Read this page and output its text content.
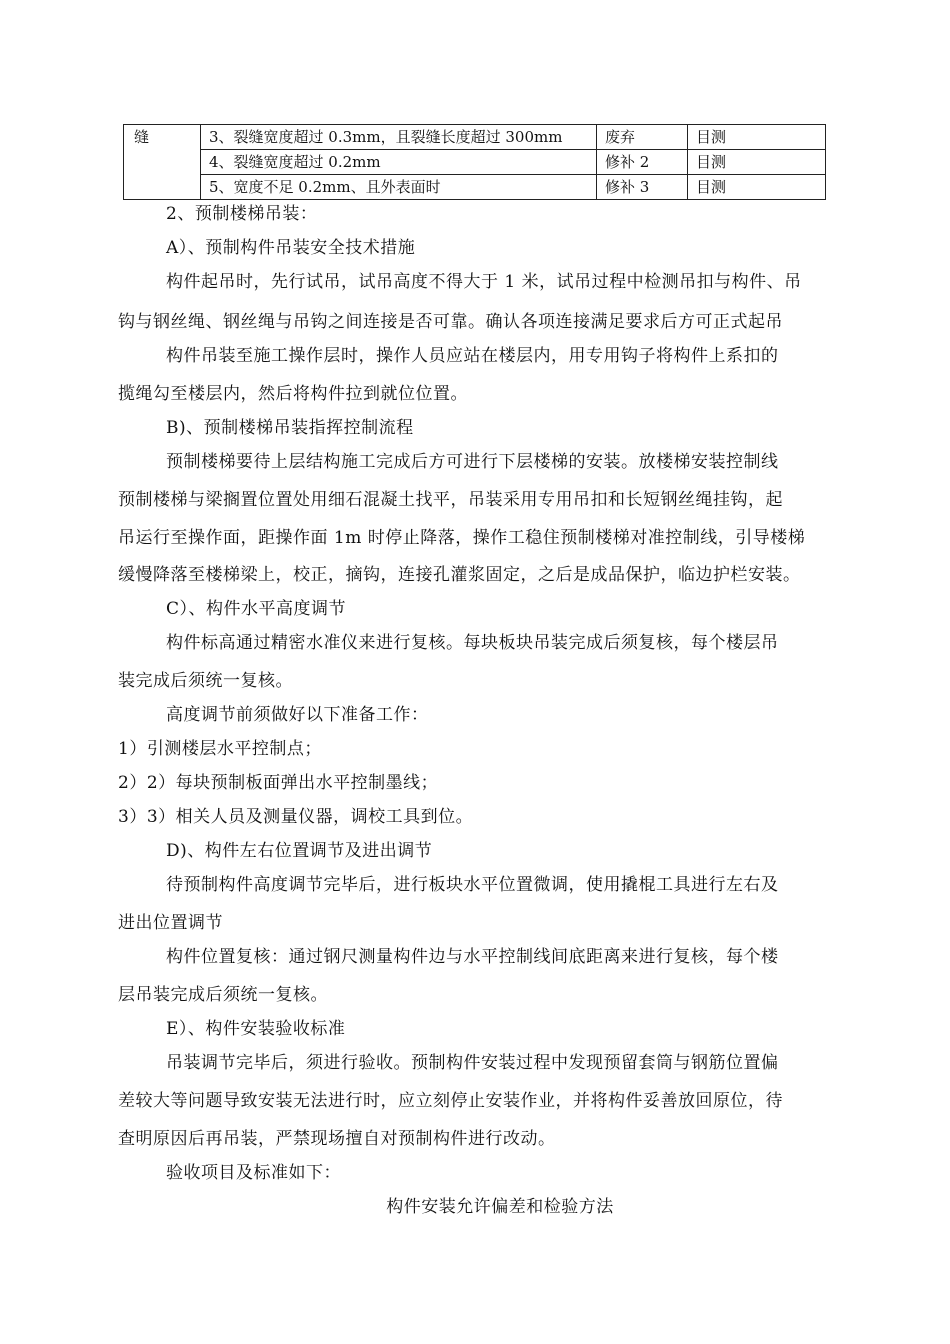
缝	3、裂缝宽度超过 0.3mm，且裂缝长度超过 300mm	废弃	目测
	4、裂缝宽度超过 0.2mm	修补 2	目测
	5、宽度不足 0.2mm、且外表面时	修补 3	目测
2、预制楼梯吊装：
A）、预制构件吊装安全技术措施
构件起吊时，先行试吊，试吊高度不得大于 1 米，试吊过程中检测吊扣与构件、吊
钩与钢丝绳、钢丝绳与吊钩之间连接是否可靠。确认各项连接满足要求后方可正式起吊
构件吊装至施工操作层时，操作人员应站在楼层内，用专用钩子将构件上系扣的
揽绳勾至楼层内，然后将构件拉到就位位置。
B)、预制楼梯吊装指挥控制流程
预制楼梯要待上层结构施工完成后方可进行下层楼梯的安装。放楼梯安装控制线
预制楼梯与梁搁置位置处用细石混凝土找平，吊装采用专用吊扣和长短钢丝绳挂钩，起
吊运行至操作面，距操作面 1m 时停止降落，操作工稳住预制楼梯对准控制线，引导楼梯
缓慢降落至楼梯梁上，校正，摘钩，连接孔灌浆固定，之后是成品保护，临边护栏安装。
C）、构件水平高度调节
构件标高通过精密水准仪来进行复核。每块板块吊装完成后须复核，每个楼层吊
装完成后须统一复核。
高度调节前须做好以下准备工作：
1）引测楼层水平控制点；
2）2）每块预制板面弹出水平控制墨线；
3）3）相关人员及测量仪器，调校工具到位。
D)、构件左右位置调节及进出调节
待预制构件高度调节完毕后，进行板块水平位置微调，使用撬棍工具进行左右及
进出位置调节
构件位置复核：通过钢尺测量构件边与水平控制线间底距离来进行复核，每个楼
层吊装完成后须统一复核。
E）、构件安装验收标准
吊装调节完毕后，须进行验收。预制构件安装过程中发现预留套筒与钢筋位置偏
差较大等问题导致安装无法进行时，应立刻停止安装作业，并将构件妥善放回原位，待
查明原因后再吊装，严禁现场擅自对预制构件进行改动。
验收项目及标准如下：
构件安装允许偏差和检验方法
